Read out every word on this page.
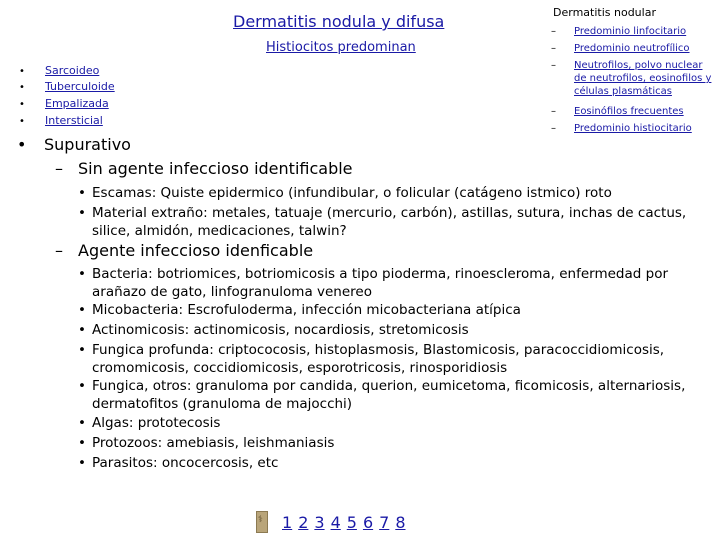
Dermatitis nodula y difusa
Histiocitos predominan
• Sarcoideo
• Tuberculoide
• Empalizada
• Intersticial
Dermatitis nodular
– Predominio linfocitario
– Predominio neutrofílico
– Neutrofilos, polvo nuclear de neutrofilos, eosinofilos y células plasmáticas
– Eosinófilos frecuentes
– Predominio histiocitario
• Supurativo
– Sin agente infeccioso identificable
• Escamas: Quiste epidermico (infundibular, o folicular (catágeno istmico) roto
• Material extraño: metales, tatuaje (mercurio, carbón), astillas, sutura, inchas de cactus, silice, almidón, medicaciones, talwin?
– Agente infeccioso idenficable
• Bacteria: botriomices, botriomicosis a tipo pioderma, rinoescleroma, enfermedad por arañazo de gato, linfogranuloma venereo
• Micobacteria: Escrofuloderma, infección micobacteriana atípica
• Actinomicosis: actinomicosis, nocardiosis, stretomicosis
• Fungica profunda: criptococosis, histoplasmosis, Blastomicosis, paracoccidiomicosis, cromomicosis, coccidiomicosis, esporotricosis, rinosporidiosis
• Fungica, otros: granuloma por candida, querion, eumicetoma, ficomicosis, alternariosis, dermatofitos (granuloma de majocchi)
• Algas: prototecosis
• Protozoos: amebiasis, leishmaniasis
• Parasitos: oncocercosis, etc
⚕
1 2 3 4 5 6 7 8
